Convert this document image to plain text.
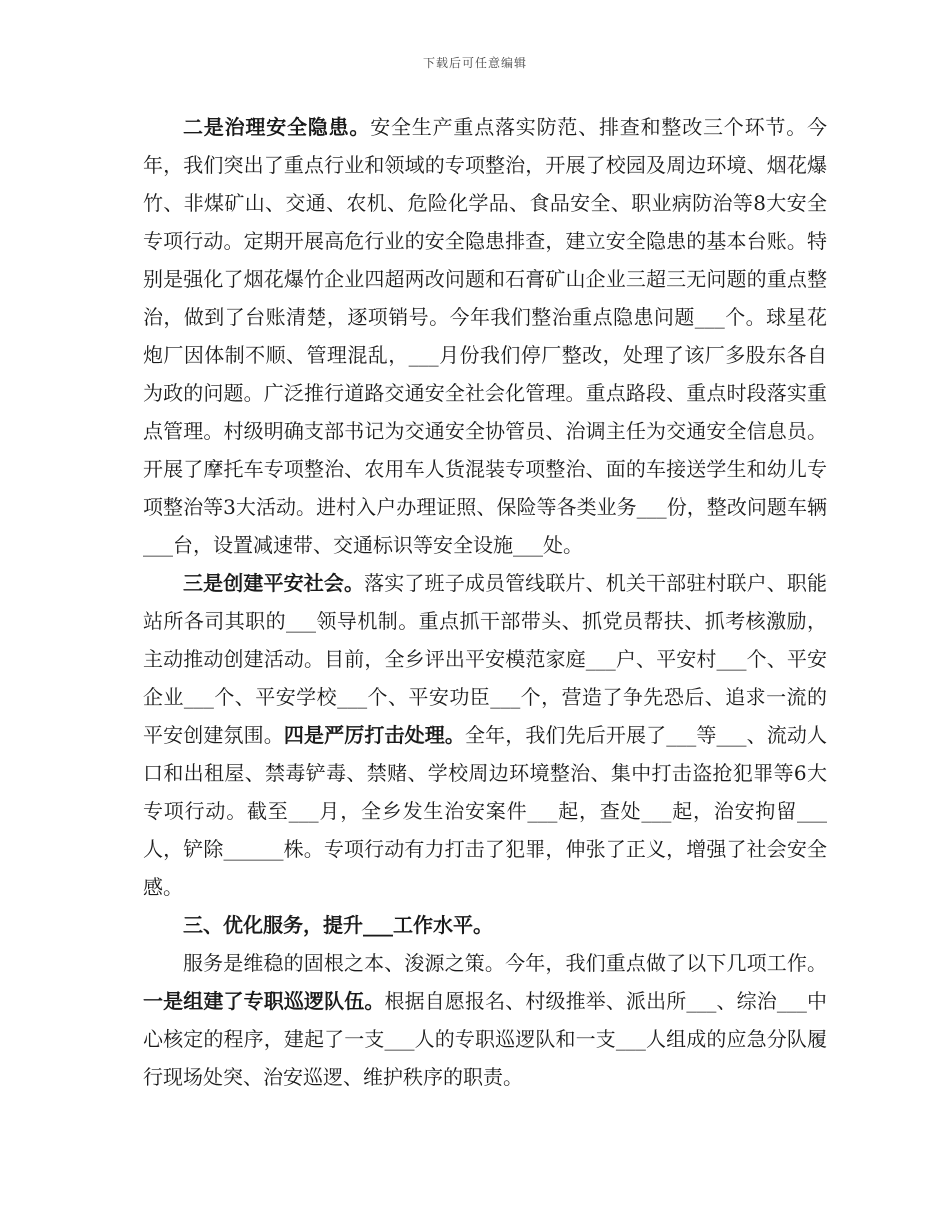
下载后可任意编辑

二是治理安全隐患。安全生产重点落实防范、排查和整改三个环节。今年，我们突出了重点行业和领域的专项整治，开展了校园及周边环境、烟花爆竹、非煤矿山、交通、农机、危险化学品、食品安全、职业病防治等8大安全专项行动。定期开展高危行业的安全隐患排查，建立安全隐患的基本台账。特别是强化了烟花爆竹企业四超两改问题和石膏矿山企业三超三无问题的重点整治，做到了台账清楚，逐项销号。今年我们整治重点隐患问题___个。球星花炮厂因体制不顺、管理混乱，___月份我们停厂整改，处理了该厂多股东各自为政的问题。广泛推行道路交通安全社会化管理。重点路段、重点时段落实重点管理。村级明确支部书记为交通安全协管员、治调主任为交通安全信息员。开展了摩托车专项整治、农用车人货混装专项整治、面的车接送学生和幼儿专项整治等3大活动。进村入户办理证照、保险等各类业务___份，整改问题车辆___台，设置减速带、交通标识等安全设施___处。

三是创建平安社会。落实了班子成员管线联片、机关干部驻村联户、职能站所各司其职的___领导机制。重点抓干部带头、抓党员帮扶、抓考核激励，主动推动创建活动。目前，全乡评出平安模范家庭___户、平安村___个、平安企业___个、平安学校___个、平安功臣___个，营造了争先恐后、追求一流的平安创建氛围。四是严厉打击处理。全年，我们先后开展了___等___、流动人口和出租屋、禁毒铲毒、禁赌、学校周边环境整治、集中打击盗抢犯罪等6大专项行动。截至___月，全乡发生治安案件___起，查处___起，治安拘留___人，铲除______株。专项行动有力打击了犯罪，伸张了正义，增强了社会安全感。

三、优化服务，提升___工作水平。

服务是维稳的固根之本、浚源之策。今年，我们重点做了以下几项工作。一是组建了专职巡逻队伍。根据自愿报名、村级推举、派出所___、综治___中心核定的程序，建起了一支___人的专职巡逻队和一支___人组成的应急分队履行现场处突、治安巡逻、维护秩序的职责。
